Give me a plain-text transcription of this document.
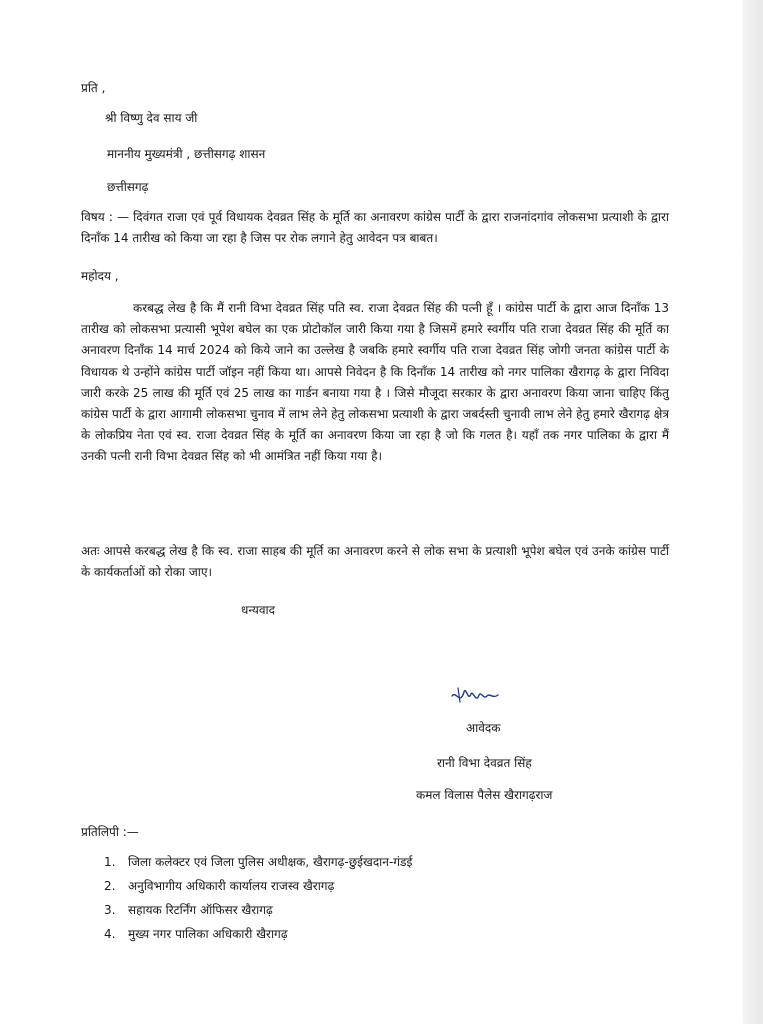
प्रति ,
श्री विष्णु देव साय जी
माननीय मुख्यमंत्री , छत्तीसगढ़ शासन
छत्तीसगढ़
विषय : — दिवंगत राजा एवं पूर्व विधायक देवव्रत सिंह के मूर्ति का अनावरण कांग्रेस पार्टी के द्वारा राजनांदगांव लोकसभा प्रत्याशी के द्वारा दिनाँक 14 तारीख को किया जा रहा है जिस पर रोक लगाने हेतु आवेदन पत्र बाबत।
महोदय ,
करबद्ध लेख है कि मैं रानी विभा देवव्रत सिंह पति स्व. राजा देवव्रत सिंह की पत्नी हूँ । कांग्रेस पार्टी के द्वारा आज दिनाँक 13 तारीख को लोकसभा प्रत्यासी भूपेश बघेल का एक प्रोटोकॉल जारी किया गया है जिसमें हमारे स्वर्गीय पति राजा देवव्रत सिंह की मूर्ति का अनावरण दिनाँक 14 मार्च 2024 को किये जाने का उल्लेख है जबकि हमारे स्वर्गीय पति राजा देवव्रत सिंह जोगी जनता कांग्रेस पार्टी के विधायक थे उन्होंने कांग्रेस पार्टी जॉइन नहीं किया था। आपसे निवेदन है कि दिनाँक 14 तारीख को नगर पालिका खैरागढ़ के द्वारा निविदा जारी करके 25 लाख की मूर्ति एवं 25 लाख का गार्डन बनाया गया है । जिसे मौजूदा सरकार के द्वारा अनावरण किया जाना चाहिए किंतु कांग्रेस पार्टी के द्वारा आगामी लोकसभा चुनाव में लाभ लेने हेतु लोकसभा प्रत्याशी के द्वारा जबर्दस्ती चुनावी लाभ लेने हेतु हमारे खैरागढ़ क्षेत्र के लोकप्रिय नेता एवं स्व. राजा देवव्रत सिंह के मूर्ति का अनावरण किया जा रहा है जो कि गलत है। यहाँ तक नगर पालिका के द्वारा मैं उनकी पत्नी रानी विभा देवव्रत सिंह को भी आमंत्रित नहीं किया गया है।
अतः आपसे करबद्ध लेख है कि स्व. राजा साहब की मूर्ति का अनावरण करने से लोक सभा के प्रत्याशी भूपेश बघेल एवं उनके कांग्रेस पार्टी के कार्यकर्ताओं को रोका जाए।
धन्यवाद
आवेदक
रानी विभा देवव्रत सिंह
कमल विलास पैलेस खैरागढ़राज
प्रतिलिपी :—
1. जिला कलेक्टर एवं जिला पुलिस अधीक्षक, खैरागढ़-छुईखदान-गंडई
2. अनुविभागीय अधिकारी कार्यालय राजस्व खैरागढ़
3. सहायक रिटर्निंग ऑफिसर खैरागढ़
4. मुख्य नगर पालिका अधिकारी खैरागढ़
